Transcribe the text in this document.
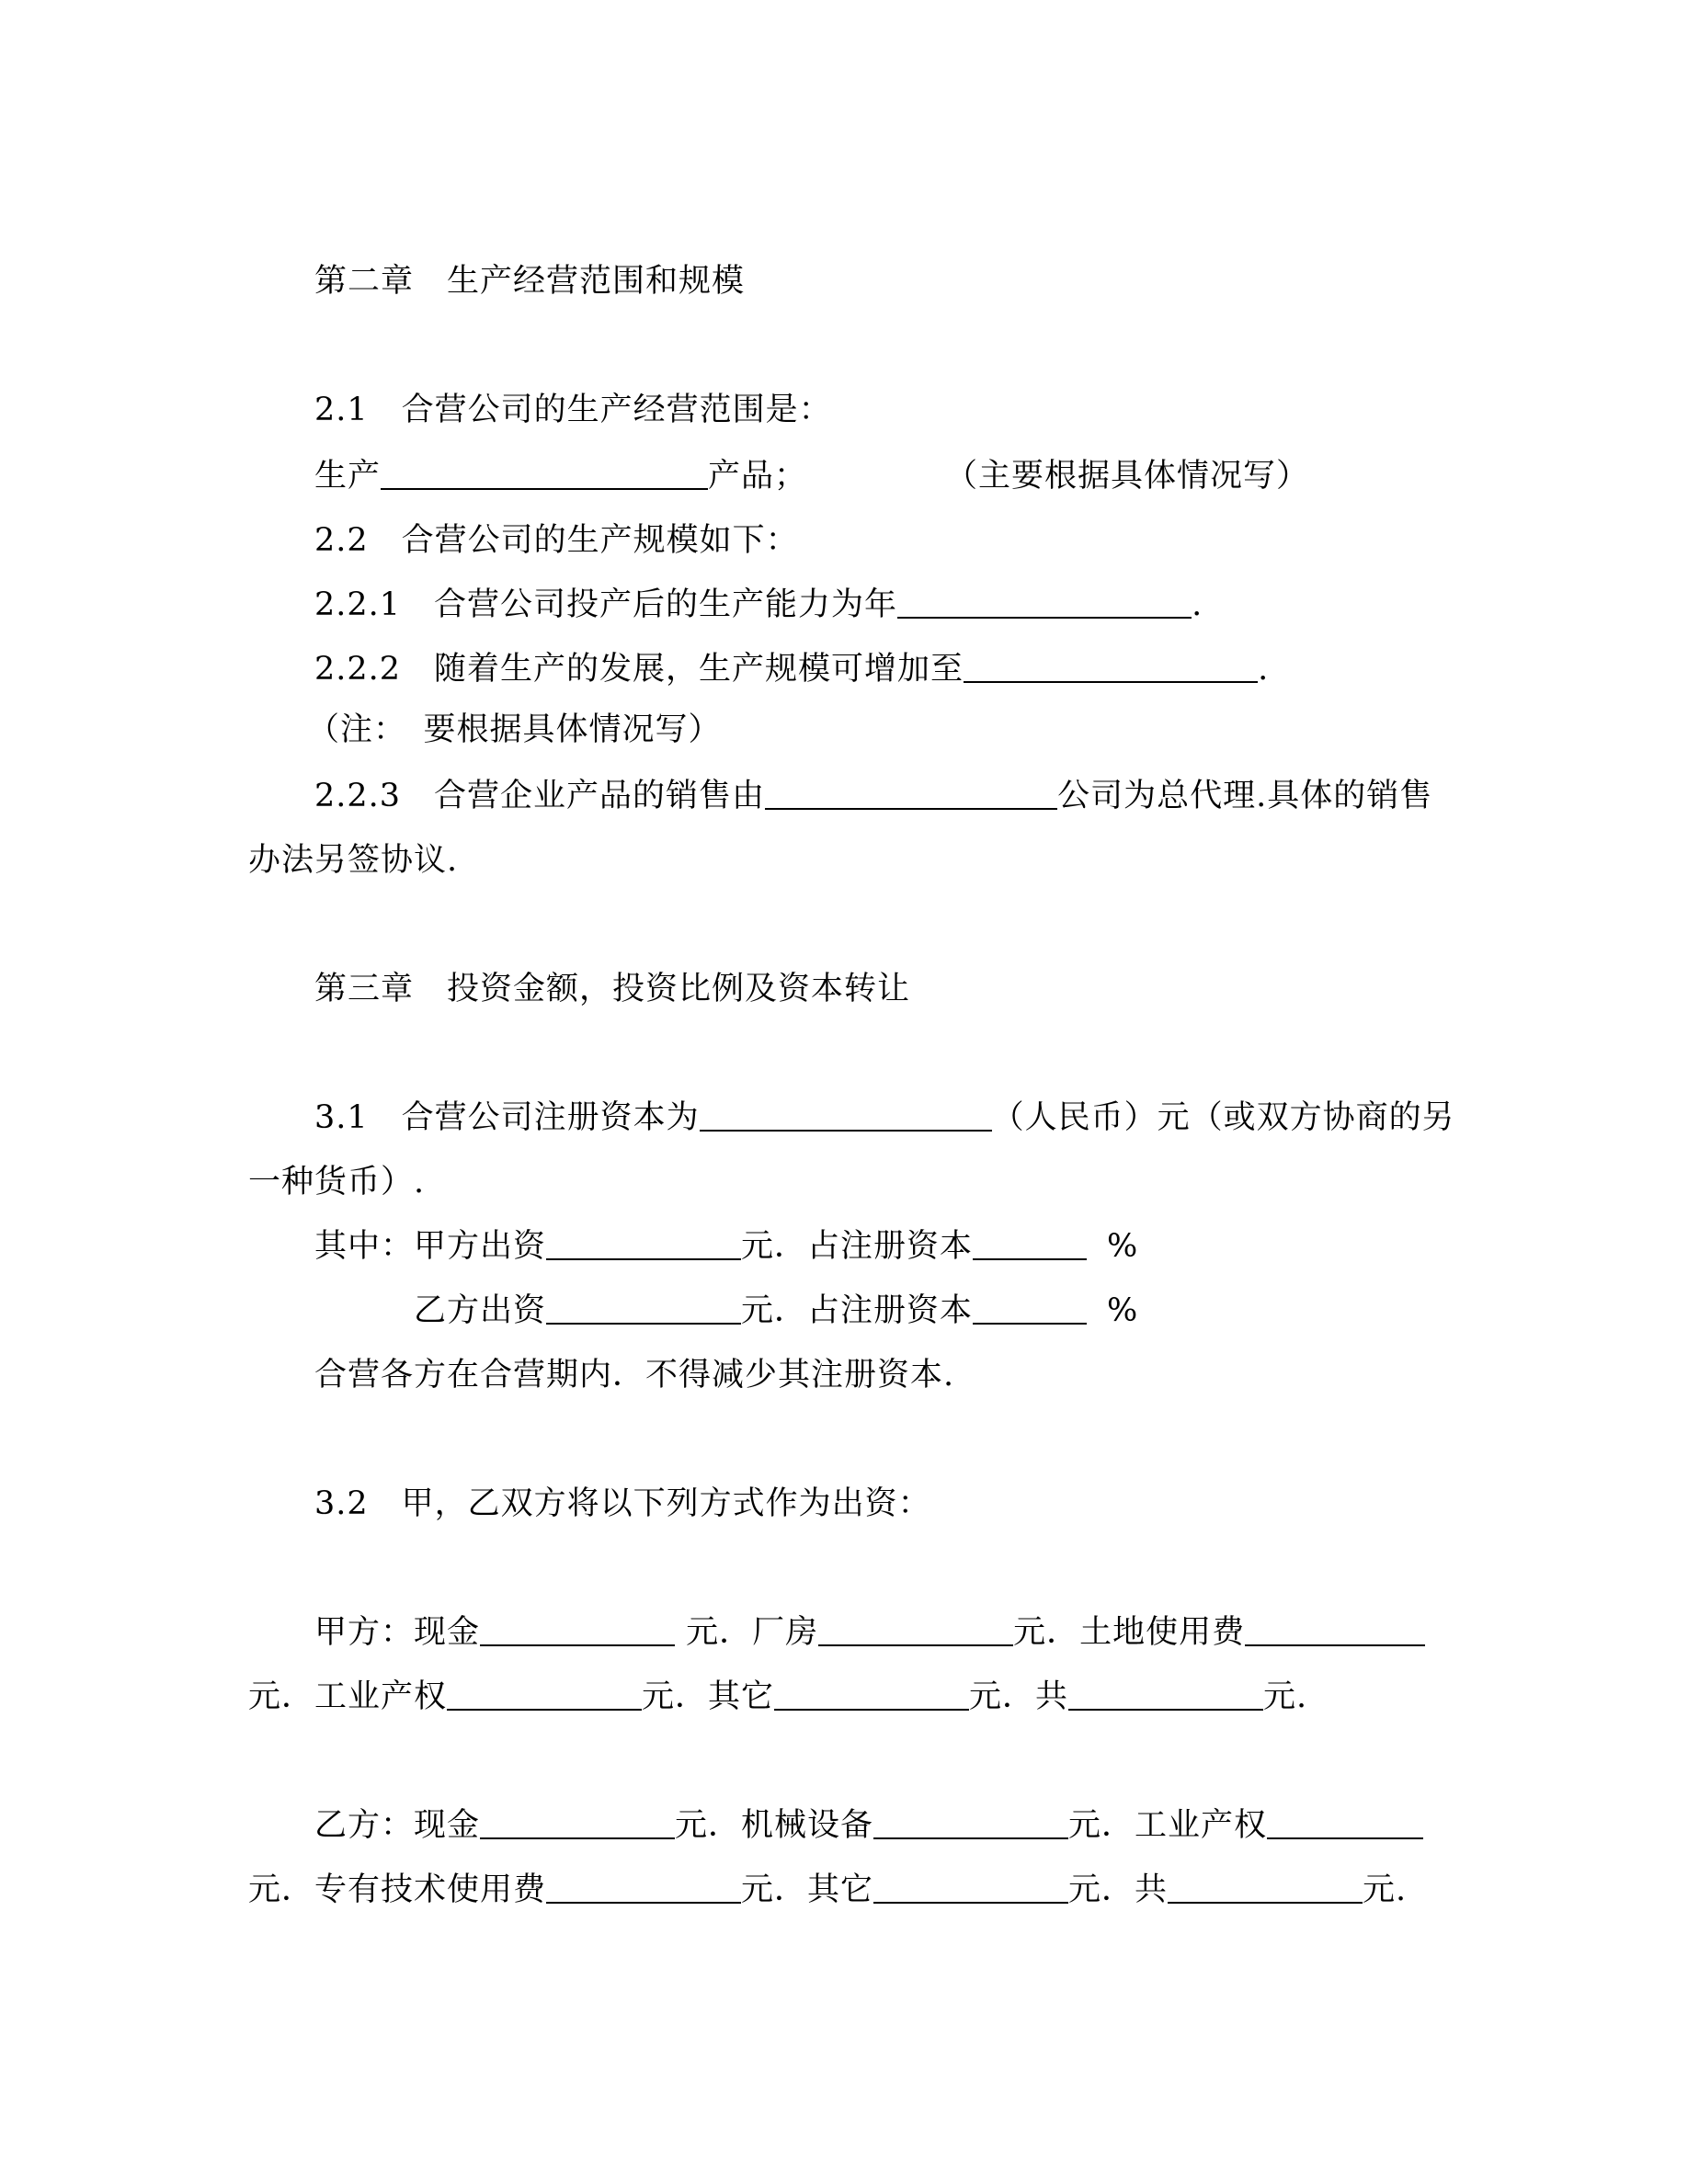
第二章　生产经营范围和规模
2.1　合营公司的生产经营范围是：
生产	产品；	（主要根据具体情况写）
2.2　合营公司的生产规模如下：
2.2.1　合营公司投产后的生产能力为年	.
2.2.2　随着生产的发展，生产规模可增加至	.
（注：　要根据具体情况写）
2.2.3　合营企业产品的销售由	公司为总代理.具体的销售
办法另签协议.
第三章　投资金额，投资比例及资本转让
3.1　合营公司注册资本为	（人民币）元（或双方协商的另
一种货币）.
其中：甲方出资	元．占注册资本	%
乙方出资	元．占注册资本	%
合营各方在合营期内．不得减少其注册资本.
3.2　甲，乙双方将以下列方式作为出资：
甲方：现金	元．厂房	元．土地使用费
元．工业产权	元．其它	元．共	元.
乙方：现金	元．机械设备	元．工业产权
元．专有技术使用费	元．其它	元．共	元.
